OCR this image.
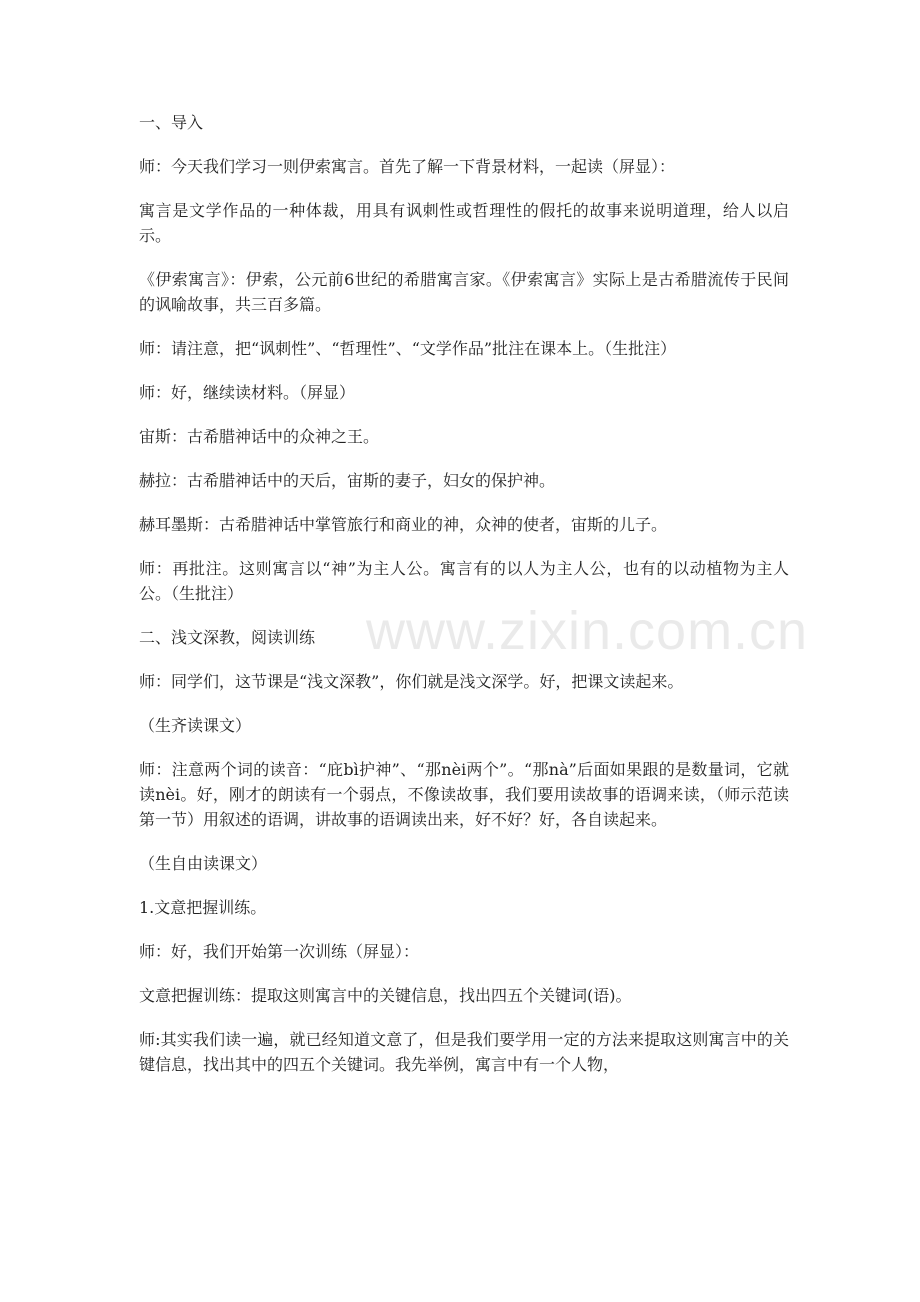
www.zixin.com.cn

一、导入

师：今天我们学习一则伊索寓言。首先了解一下背景材料，一起读（屏显）：

寓言是文学作品的一种体裁，用具有讽刺性或哲理性的假托的故事来说明道理，给人以启示。

《伊索寓言》：伊索，公元前6世纪的希腊寓言家。《伊索寓言》实际上是古希腊流传于民间的讽喻故事，共三百多篇。

师：请注意，把“讽刺性”、“哲理性”、“文学作品”批注在课本上。（生批注）

师：好，继续读材料。（屏显）

宙斯：古希腊神话中的众神之王。

赫拉：古希腊神话中的天后，宙斯的妻子，妇女的保护神。

赫耳墨斯：古希腊神话中掌管旅行和商业的神，众神的使者，宙斯的儿子。

师：再批注。这则寓言以“神”为主人公。寓言有的以人为主人公，也有的以动植物为主人公。（生批注）

二、浅文深教，阅读训练

师：同学们，这节课是“浅文深教”，你们就是浅文深学。好，把课文读起来。

（生齐读课文）

师：注意两个词的读音：“庇bì护神”、“那nèi两个”。“那nà”后面如果跟的是数量词，它就读nèi。好，刚才的朗读有一个弱点，不像读故事，我们要用读故事的语调来读，（师示范读第一节）用叙述的语调，讲故事的语调读出来，好不好？好，各自读起来。

（生自由读课文）

1.文意把握训练。

师：好，我们开始第一次训练（屏显）：

文意把握训练：提取这则寓言中的关键信息，找出四五个关键词(语)。

师:其实我们读一遍，就已经知道文意了，但是我们要学用一定的方法来提取这则寓言中的关键信息，找出其中的四五个关键词。我先举例，寓言中有一个人物，
